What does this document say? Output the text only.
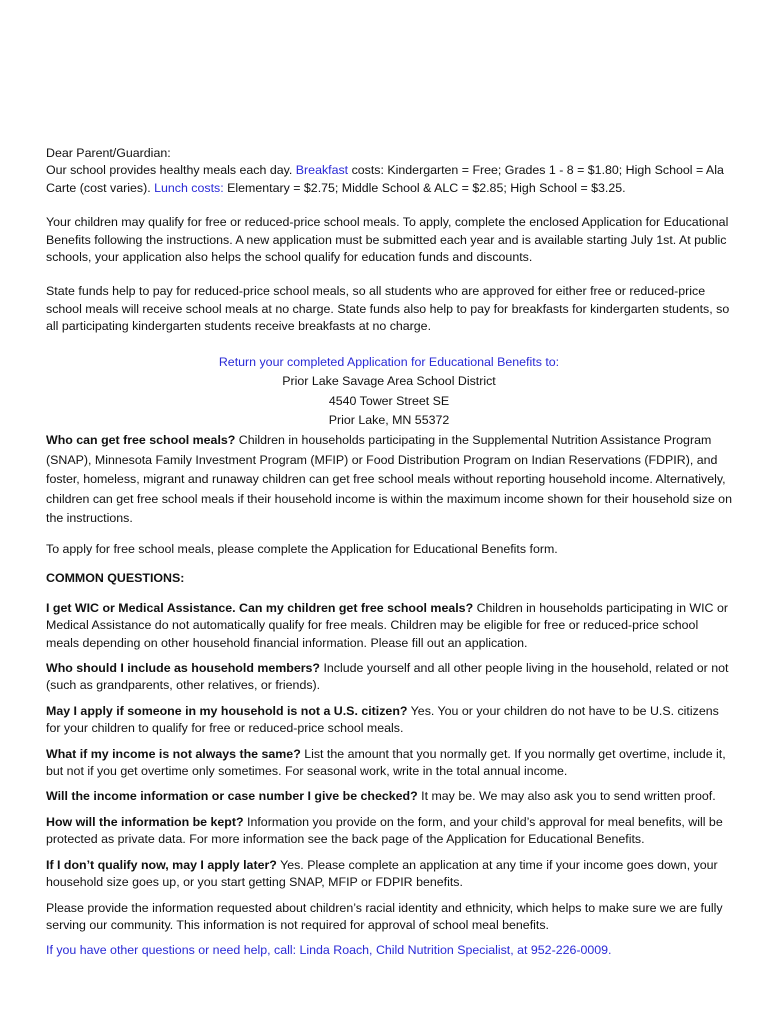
Dear Parent/Guardian:

Our school provides healthy meals each day. Breakfast costs: Kindergarten = Free; Grades 1 - 8 = $1.80; High School = Ala Carte (cost varies). Lunch costs: Elementary = $2.75; Middle School & ALC = $2.85; High School = $3.25.

Your children may qualify for free or reduced-price school meals. To apply, complete the enclosed Application for Educational Benefits following the instructions. A new application must be submitted each year and is available starting July 1st. At public schools, your application also helps the school qualify for education funds and discounts.

State funds help to pay for reduced-price school meals, so all students who are approved for either free or reduced-price school meals will receive school meals at no charge. State funds also help to pay for breakfasts for kindergarten students, so all participating kindergarten students receive breakfasts at no charge.

Return your completed Application for Educational Benefits to:

Prior Lake Savage Area School District

4540 Tower Street SE

Prior Lake, MN 55372

Who can get free school meals? Children in households participating in the Supplemental Nutrition Assistance Program (SNAP), Minnesota Family Investment Program (MFIP) or Food Distribution Program on Indian Reservations (FDPIR), and foster, homeless, migrant and runaway children can get free school meals without reporting household income. Alternatively, children can get free school meals if their household income is within the maximum income shown for their household size on the instructions.

To apply for free school meals, please complete the Application for Educational Benefits form.

COMMON QUESTIONS:

I get WIC or Medical Assistance. Can my children get free school meals? Children in households participating in WIC or Medical Assistance do not automatically qualify for free meals. Children may be eligible for free or reduced-price school meals depending on other household financial information. Please fill out an application.

Who should I include as household members? Include yourself and all other people living in the household, related or not (such as grandparents, other relatives, or friends).

May I apply if someone in my household is not a U.S. citizen? Yes. You or your children do not have to be U.S. citizens for your children to qualify for free or reduced-price school meals.

What if my income is not always the same? List the amount that you normally get. If you normally get overtime, include it, but not if you get overtime only sometimes. For seasonal work, write in the total annual income.

Will the income information or case number I give be checked? It may be. We may also ask you to send written proof.

How will the information be kept? Information you provide on the form, and your child’s approval for meal benefits, will be protected as private data. For more information see the back page of the Application for Educational Benefits.

If I don’t qualify now, may I apply later? Yes. Please complete an application at any time if your income goes down, your household size goes up, or you start getting SNAP, MFIP or FDPIR benefits.

Please provide the information requested about children’s racial identity and ethnicity, which helps to make sure we are fully serving our community. This information is not required for approval of school meal benefits.

If you have other questions or need help, call: Linda Roach, Child Nutrition Specialist, at 952-226-0009.
